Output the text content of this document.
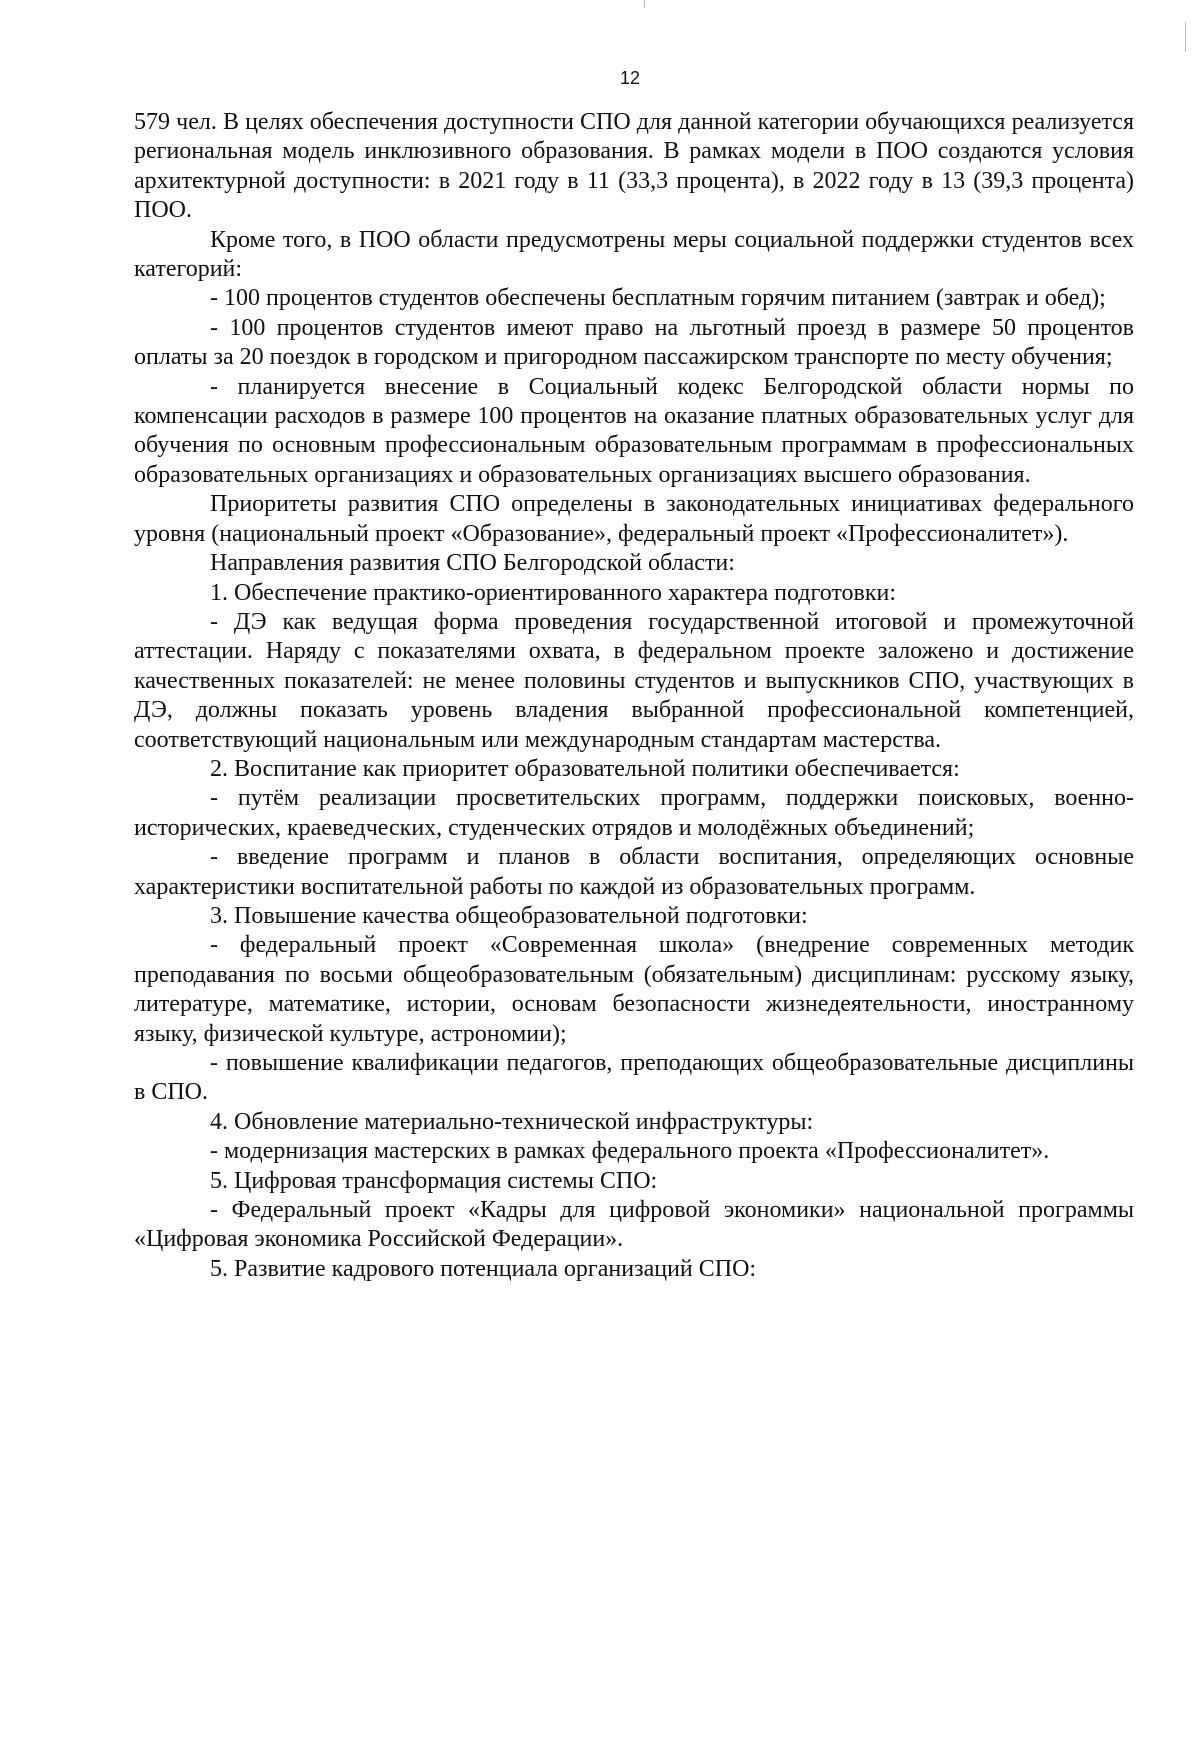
12

579 чел. В целях обеспечения доступности СПО для данной категории обучающихся реализуется региональная модель инклюзивного образования. В рамках модели в ПОО создаются условия архитектурной доступности: в 2021 году в 11 (33,3 процента), в 2022 году в 13 (39,3 процента) ПОО.

Кроме того, в ПОО области предусмотрены меры социальной поддержки студентов всех категорий:

- 100 процентов студентов обеспечены бесплатным горячим питанием (завтрак и обед);

- 100 процентов студентов имеют право на льготный проезд в размере 50 процентов оплаты за 20 поездок в городском и пригородном пассажирском транспорте по месту обучения;

- планируется внесение в Социальный кодекс Белгородской области нормы по компенсации расходов в размере 100 процентов на оказание платных образовательных услуг для обучения по основным профессиональным образовательным программам в профессиональных образовательных организациях и образовательных организациях высшего образования.

Приоритеты развития СПО определены в законодательных инициативах федерального уровня (национальный проект «Образование», федеральный проект «Профессионалитет»).

Направления развития СПО Белгородской области:

1. Обеспечение практико-ориентированного характера подготовки:

- ДЭ как ведущая форма проведения государственной итоговой и промежуточной аттестации. Наряду с показателями охвата, в федеральном проекте заложено и достижение качественных показателей: не менее половины студентов и выпускников СПО, участвующих в ДЭ, должны показать уровень владения выбранной профессиональной компетенцией, соответствующий национальным или международным стандартам мастерства.

2. Воспитание как приоритет образовательной политики обеспечивается:

- путём реализации просветительских программ, поддержки поисковых, военно-исторических, краеведческих, студенческих отрядов и молодёжных объединений;

- введение программ и планов в области воспитания, определяющих основные характеристики воспитательной работы по каждой из образовательных программ.

3. Повышение качества общеобразовательной подготовки:

- федеральный проект «Современная школа» (внедрение современных методик преподавания по восьми общеобразовательным (обязательным) дисциплинам: русскому языку, литературе, математике, истории, основам безопасности жизнедеятельности, иностранному языку, физической культуре, астрономии);

- повышение квалификации педагогов, преподающих общеобразовательные дисциплины в СПО.

4. Обновление материально-технической инфраструктуры:

- модернизация мастерских в рамках федерального проекта «Профессионалитет».

5. Цифровая трансформация системы СПО:

- Федеральный проект «Кадры для цифровой экономики» национальной программы «Цифровая экономика Российской Федерации».

5. Развитие кадрового потенциала организаций СПО:
